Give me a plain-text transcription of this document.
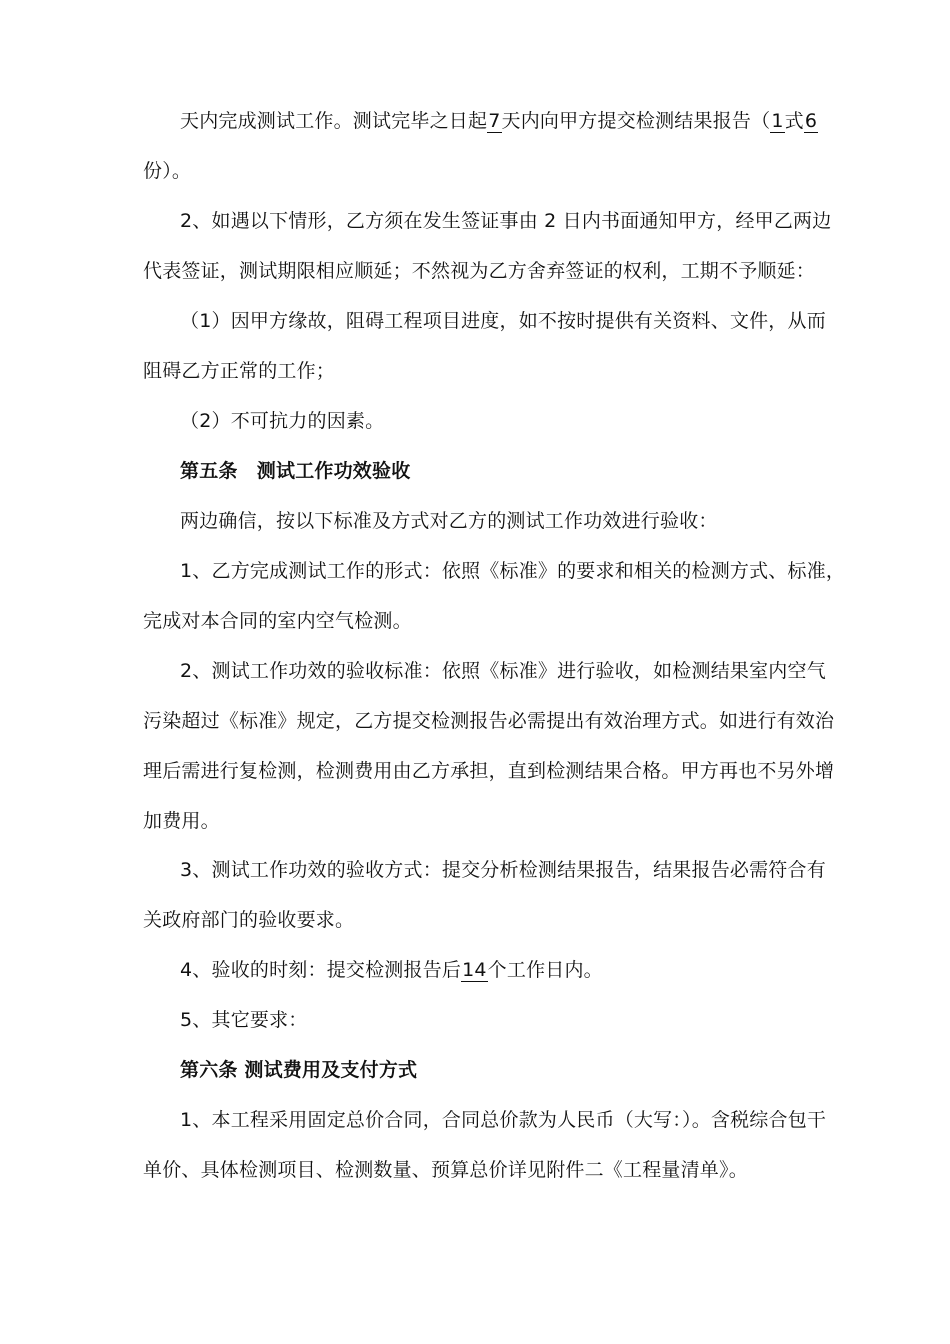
天内完成测试工作。测试完毕之日起7天内向甲方提交检测结果报告（1式6
份）。
2、如遇以下情形，乙方须在发生签证事由 2 日内书面通知甲方，经甲乙两边
代表签证，测试期限相应顺延；不然视为乙方舍弃签证的权利，工期不予顺延：
（1）因甲方缘故，阻碍工程项目进度，如不按时提供有关资料、文件，从而
阻碍乙方正常的工作；
（2）不可抗力的因素。
第五条　测试工作功效验收
两边确信，按以下标准及方式对乙方的测试工作功效进行验收：
1、乙方完成测试工作的形式：依照《标准》的要求和相关的检测方式、标准，
完成对本合同的室内空气检测。
2、测试工作功效的验收标准：依照《标准》进行验收，如检测结果室内空气
污染超过《标准》规定，乙方提交检测报告必需提出有效治理方式。如进行有效治
理后需进行复检测，检测费用由乙方承担，直到检测结果合格。甲方再也不另外增
加费用。
3、测试工作功效的验收方式：提交分析检测结果报告，结果报告必需符合有
关政府部门的验收要求。
4、验收的时刻：提交检测报告后14个工作日内。
5、其它要求：
第六条 测试费用及支付方式
1、本工程采用固定总价合同，合同总价款为人民币（大写：）。含税综合包干
单价、具体检测项目、检测数量、预算总价详见附件二《工程量清单》。
